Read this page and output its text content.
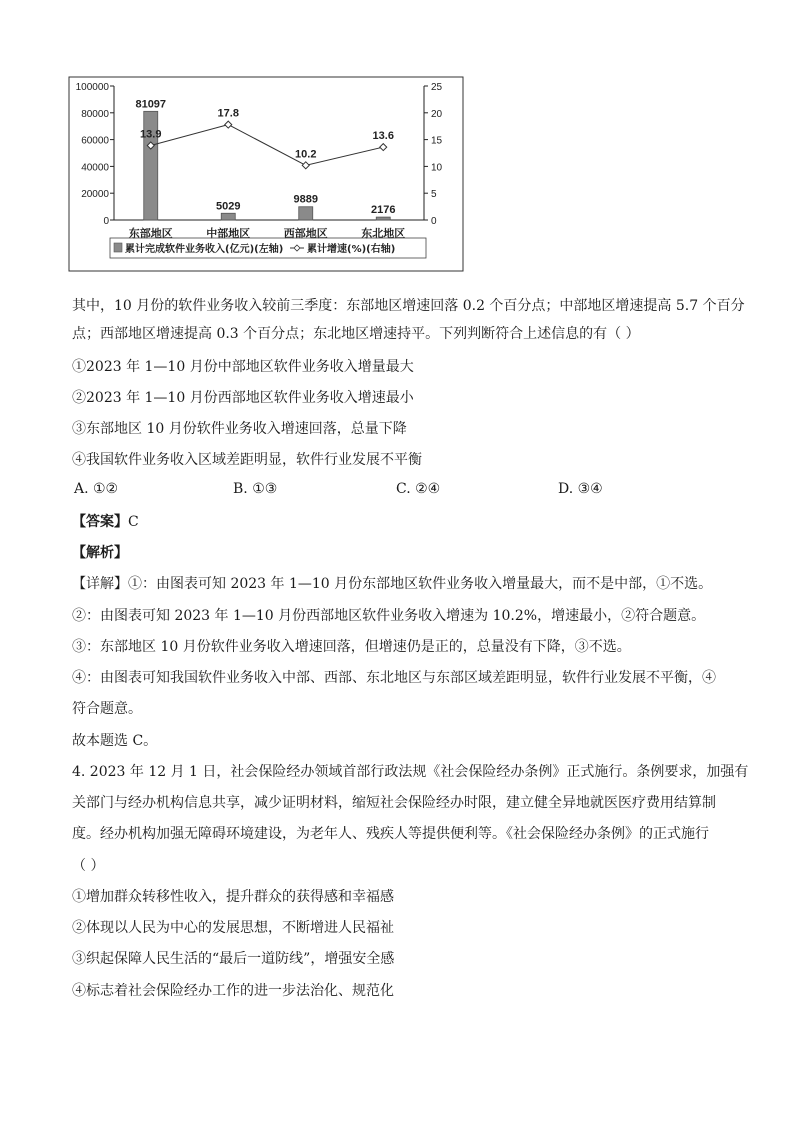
100000
80000
60000
40000
20000
0
25
20
15
10
5
0
81097
5029
9889
2176
13.9
17.8
10.2
13.6
东部地区	中部地区	西部地区	东北地区
累计完成软件业务收入(亿元)(左轴) 累计增速(%)(右轴)
其中，10 月份的软件业务收入较前三季度：东部地区增速回落 0.2 个百分点；中部地区增速提高 5.7 个百分
点；西部地区增速提高 0.3 个百分点；东北地区增速持平。下列判断符合上述信息的有（ ）
①2023 年 1—10 月份中部地区软件业务收入增量最大
②2023 年 1—10 月份西部地区软件业务收入增速最小
③东部地区 10 月份软件业务收入增速回落，总量下降
④我国软件业务收入区域差距明显，软件行业发展不平衡
A. ①②	B. ①③	C. ②④	D. ③④
【答案】C
【解析】
【详解】①：由图表可知 2023 年 1—10 月份东部地区软件业务收入增量最大，而不是中部，①不选。
②：由图表可知 2023 年 1—10 月份西部地区软件业务收入增速为 10.2%，增速最小，②符合题意。
③：东部地区 10 月份软件业务收入增速回落，但增速仍是正的，总量没有下降，③不选。
④：由图表可知我国软件业务收入中部、西部、东北地区与东部区域差距明显，软件行业发展不平衡，④
符合题意。
故本题选 C。
4. 2023 年 12 月 1 日，社会保险经办领域首部行政法规《社会保险经办条例》正式施行。条例要求，加强有
关部门与经办机构信息共享，减少证明材料，缩短社会保险经办时限，建立健全异地就医医疗费用结算制
度。经办机构加强无障碍环境建设，为老年人、残疾人等提供便利等。《社会保险经办条例》的正式施行
（ ）
①增加群众转移性收入，提升群众的获得感和幸福感
②体现以人民为中心的发展思想，不断增进人民福祉
③织起保障人民生活的“最后一道防线”，增强安全感
④标志着社会保险经办工作的进一步法治化、规范化
